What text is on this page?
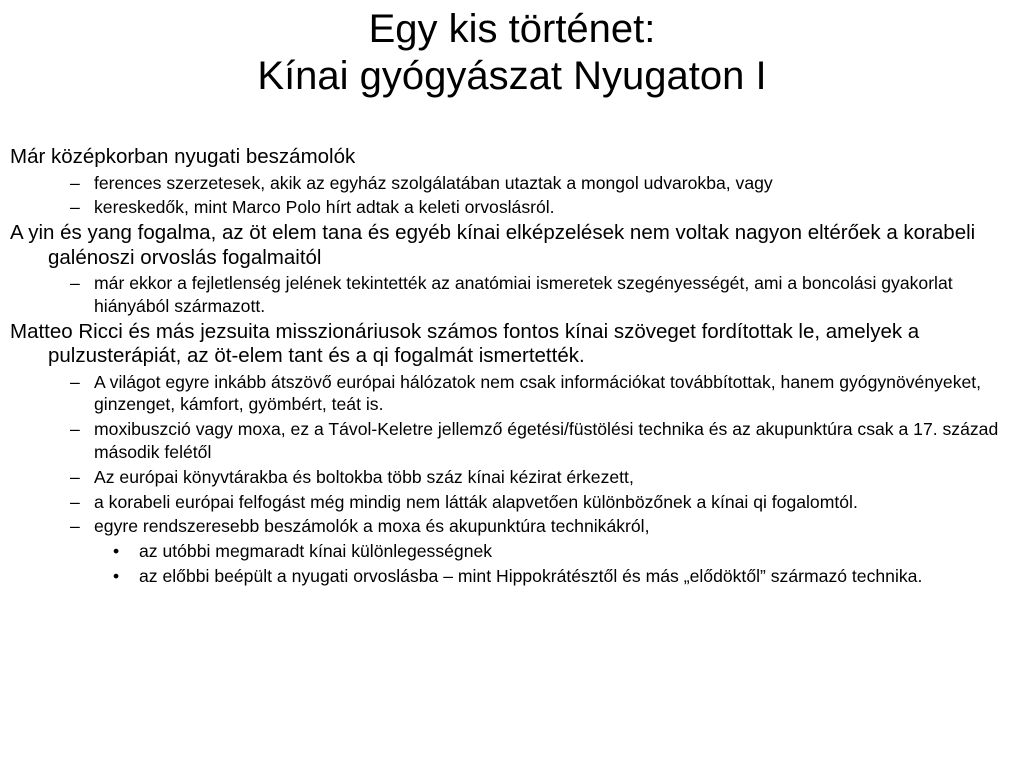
Egy kis történet:
Kínai gyógyászat Nyugaton I
Már középkorban nyugati beszámolók
– ferences szerzetesek, akik az egyház szolgálatában utaztak a mongol udvarokba, vagy
– kereskedők, mint Marco Polo hírt adtak a keleti orvoslásról.
A yin és yang fogalma, az öt elem tana és egyéb kínai elképzelések nem voltak nagyon eltérőek a korabeli galénoszi orvoslás fogalmaitól
– már ekkor a fejletlenség jelének tekintették az anatómiai ismeretek szegényességét, ami a boncolási gyakorlat hiányából származott.
Matteo Ricci és más jezsuita misszionáriusok számos fontos kínai szöveget fordítottak le, amelyek a pulzusterápiát, az öt-elem tant és a qi fogalmát ismertették.
– A világot egyre inkább átszövő európai hálózatok nem csak információkat továbbítottak, hanem gyógynövényeket, ginzenget, kámfort, gyömbért, teát is.
– moxibuszció vagy moxa, ez a Távol-Keletre jellemző égetési/füstölési technika és az akupunktúra csak a 17. század második felétől
– Az európai könyvtárakba és boltokba több száz kínai kézirat érkezett,
– a korabeli európai felfogást még mindig nem látták alapvetően különbözőnek a kínai qi fogalomtól.
– egyre rendszeresebb beszámolók a moxa és akupunktúra technikákról,
• az utóbbi megmaradt kínai különlegességnek
• az előbbi beépült a nyugati orvoslásba – mint Hippokrátésztől és más „elődöktől” származó technika.
